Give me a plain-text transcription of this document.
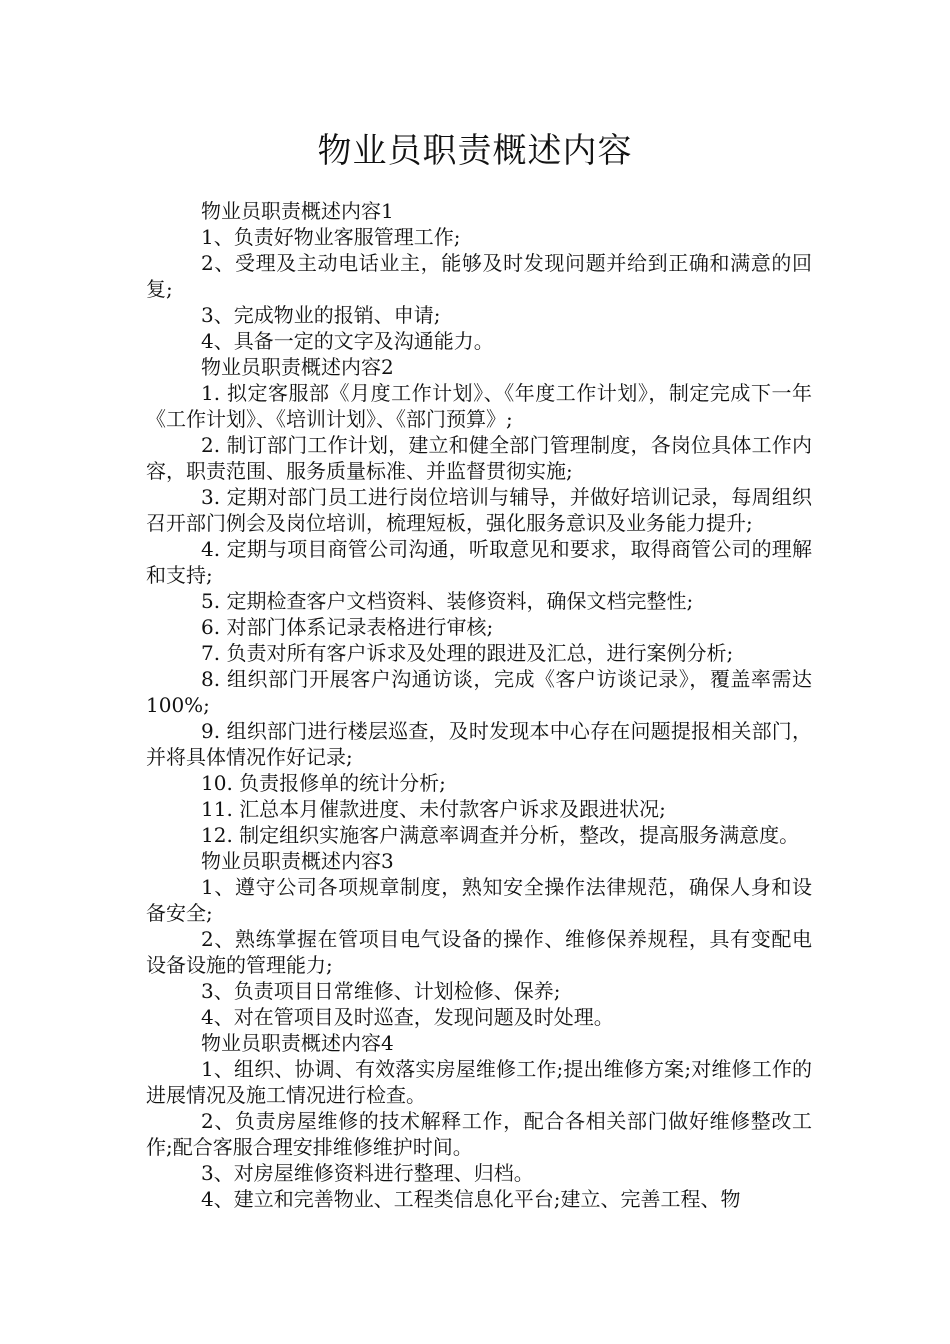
物业员职责概述内容

物业员职责概述内容1

1、负责好物业客服管理工作;

2、受理及主动电话业主，能够及时发现问题并给到正确和满意的回复;

3、完成物业的报销、申请;

4、具备一定的文字及沟通能力。

物业员职责概述内容2

1. 拟定客服部《月度工作计划》、《年度工作计划》，制定完成下一年《工作计划》、《培训计划》、《部门预算》;

2. 制订部门工作计划，建立和健全部门管理制度，各岗位具体工作内容，职责范围、服务质量标准、并监督贯彻实施;

3. 定期对部门员工进行岗位培训与辅导，并做好培训记录，每周组织召开部门例会及岗位培训，梳理短板，强化服务意识及业务能力提升;

4. 定期与项目商管公司沟通，听取意见和要求，取得商管公司的理解和支持;

5. 定期检查客户文档资料、装修资料，确保文档完整性;

6. 对部门体系记录表格进行审核;

7. 负责对所有客户诉求及处理的跟进及汇总，进行案例分析;

8. 组织部门开展客户沟通访谈，完成《客户访谈记录》，覆盖率需达100%;

9. 组织部门进行楼层巡查，及时发现本中心存在问题提报相关部门，并将具体情况作好记录;

10. 负责报修单的统计分析;

11. 汇总本月催款进度、未付款客户诉求及跟进状况;

12. 制定组织实施客户满意率调查并分析，整改，提高服务满意度。

物业员职责概述内容3

1、遵守公司各项规章制度，熟知安全操作法律规范，确保人身和设备安全;

2、熟练掌握在管项目电气设备的操作、维修保养规程，具有变配电设备设施的管理能力;

3、负责项目日常维修、计划检修、保养;

4、对在管项目及时巡查，发现问题及时处理。

物业员职责概述内容4

1、组织、协调、有效落实房屋维修工作;提出维修方案;对维修工作的进展情况及施工情况进行检查。

2、负责房屋维修的技术解释工作，配合各相关部门做好维修整改工作;配合客服合理安排维修维护时间。

3、对房屋维修资料进行整理、归档。

4、建立和完善物业、工程类信息化平台;建立、完善工程、物
